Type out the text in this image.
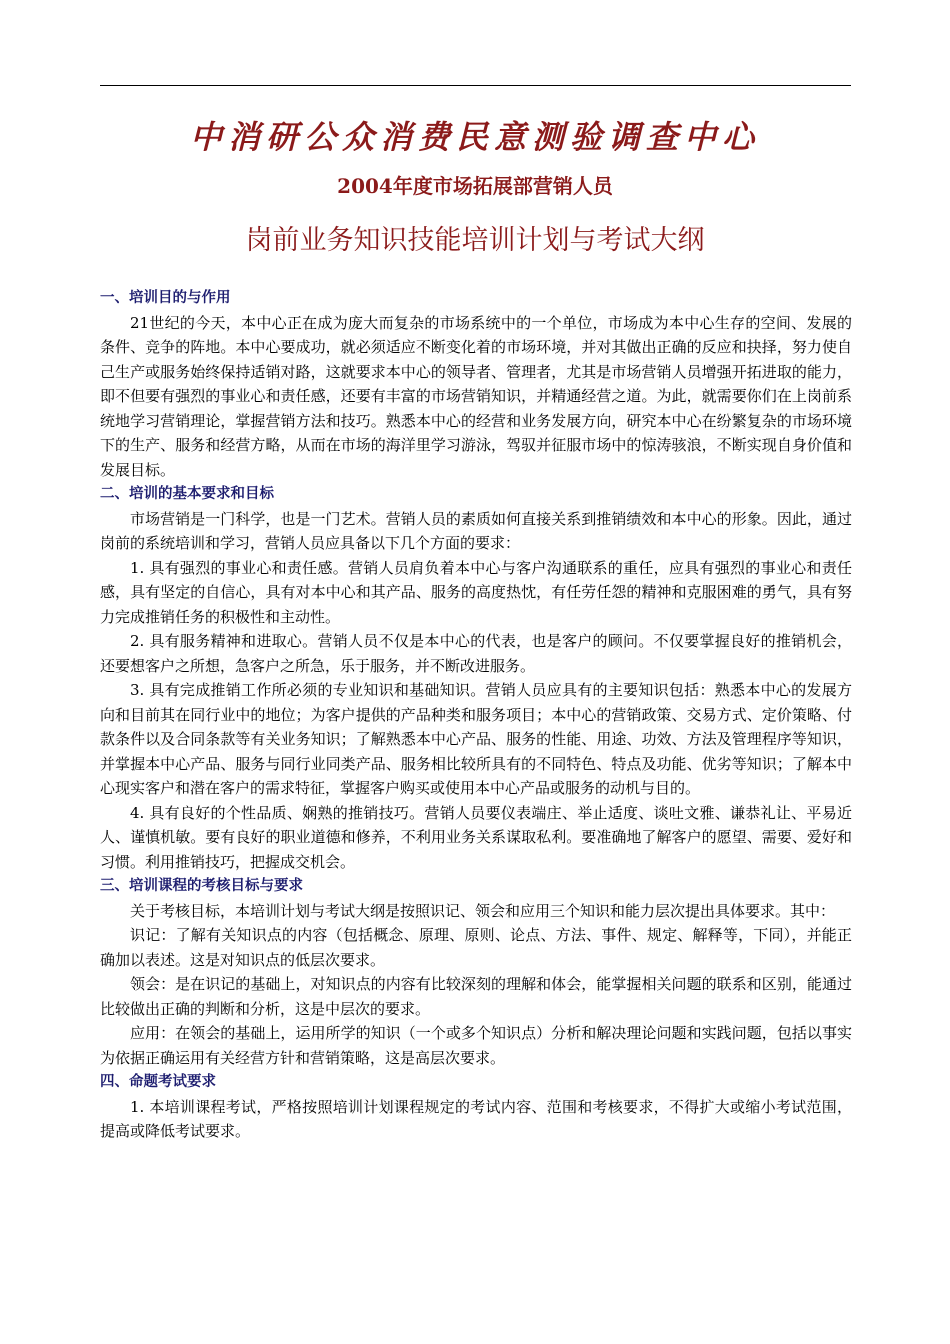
中消研公众消费民意测验调查中心
2004年度市场拓展部营销人员
岗前业务知识技能培训计划与考试大纲
一、培训目的与作用
21世纪的今天，本中心正在成为庞大而复杂的市场系统中的一个单位，市场成为本中心生存的空间、发展的条件、竞争的阵地。本中心要成功，就必须适应不断变化着的市场环境，并对其做出正确的反应和抉择，努力使自己生产或服务始终保持适销对路，这就要求本中心的领导者、管理者，尤其是市场营销人员增强开拓进取的能力，即不但要有强烈的事业心和责任感，还要有丰富的市场营销知识，并精通经营之道。为此，就需要你们在上岗前系统地学习营销理论，掌握营销方法和技巧。熟悉本中心的经营和业务发展方向，研究本中心在纷繁复杂的市场环境下的生产、服务和经营方略，从而在市场的海洋里学习游泳，驾驭并征服市场中的惊涛骇浪，不断实现自身价值和发展目标。
二、培训的基本要求和目标
市场营销是一门科学，也是一门艺术。营销人员的素质如何直接关系到推销绩效和本中心的形象。因此，通过岗前的系统培训和学习，营销人员应具备以下几个方面的要求：
1. 具有强烈的事业心和责任感。营销人员肩负着本中心与客户沟通联系的重任，应具有强烈的事业心和责任感，具有坚定的自信心，具有对本中心和其产品、服务的高度热忱，有任劳任怨的精神和克服困难的勇气，具有努力完成推销任务的积极性和主动性。
2. 具有服务精神和进取心。营销人员不仅是本中心的代表，也是客户的顾问。不仅要掌握良好的推销机会，还要想客户之所想，急客户之所急，乐于服务，并不断改进服务。
3. 具有完成推销工作所必须的专业知识和基础知识。营销人员应具有的主要知识包括：熟悉本中心的发展方向和目前其在同行业中的地位；为客户提供的产品种类和服务项目；本中心的营销政策、交易方式、定价策略、付款条件以及合同条款等有关业务知识；了解熟悉本中心产品、服务的性能、用途、功效、方法及管理程序等知识，并掌握本中心产品、服务与同行业同类产品、服务相比较所具有的不同特色、特点及功能、优劣等知识；了解本中心现实客户和潜在客户的需求特征，掌握客户购买或使用本中心产品或服务的动机与目的。
4. 具有良好的个性品质、娴熟的推销技巧。营销人员要仪表端庄、举止适度、谈吐文雅、谦恭礼让、平易近人、谨慎机敏。要有良好的职业道德和修养，不利用业务关系谋取私利。要准确地了解客户的愿望、需要、爱好和习惯。利用推销技巧，把握成交机会。
三、培训课程的考核目标与要求
关于考核目标，本培训计划与考试大纲是按照识记、领会和应用三个知识和能力层次提出具体要求。其中：
识记：了解有关知识点的内容（包括概念、原理、原则、论点、方法、事件、规定、解释等，下同），并能正确加以表述。这是对知识点的低层次要求。
领会：是在识记的基础上，对知识点的内容有比较深刻的理解和体会，能掌握相关问题的联系和区别，能通过比较做出正确的判断和分析，这是中层次的要求。
应用：在领会的基础上，运用所学的知识（一个或多个知识点）分析和解决理论问题和实践问题，包括以事实为依据正确运用有关经营方针和营销策略，这是高层次要求。
四、命题考试要求
1. 本培训课程考试，严格按照培训计划课程规定的考试内容、范围和考核要求，不得扩大或缩小考试范围，提高或降低考试要求。
